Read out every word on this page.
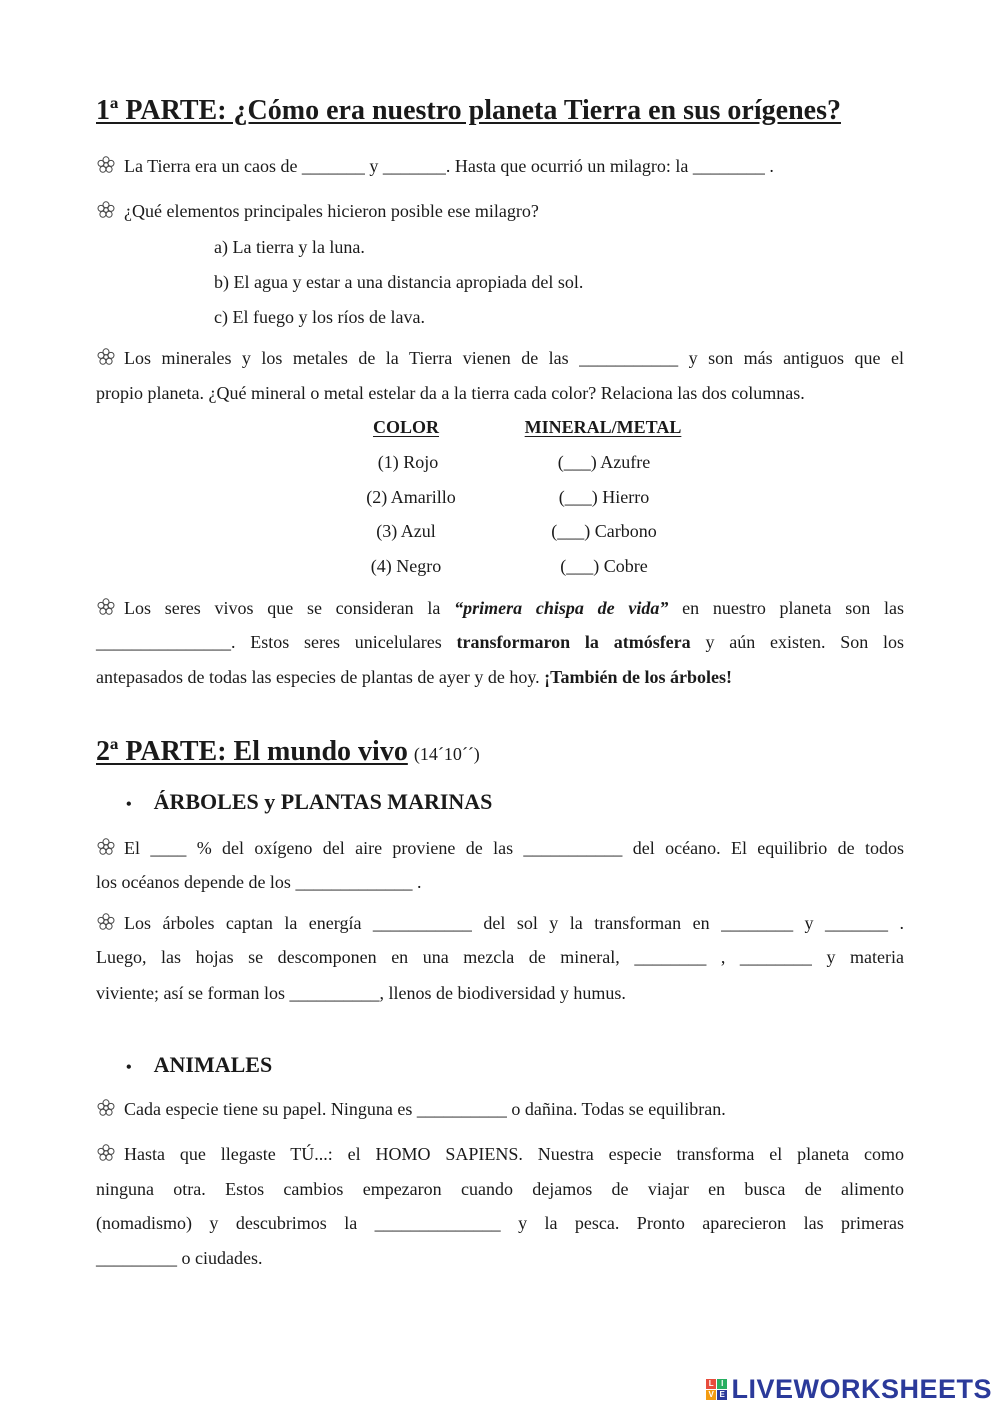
1ª PARTE: ¿Cómo era nuestro planeta Tierra en sus orígenes?
La Tierra era un caos de _______ y _______. Hasta que ocurrió un milagro: la ________ .
¿Qué elementos principales hicieron posible ese milagro?
a) La tierra y la luna.
b) El agua y estar a una distancia apropiada del sol.
c) El fuego y los ríos de lava.
Los minerales y los metales de la Tierra vienen de las ___________ y son más antiguos que el
propio planeta. ¿Qué mineral o metal estelar da a la tierra cada color? Relaciona las dos columnas.
COLOR	MINERAL/METAL
(1) Rojo
(2) Amarillo
(3) Azul
(4) Negro
(___) Azufre
(___) Hierro
(___) Carbono
(___) Cobre
Los seres vivos que se consideran la “primera chispa de vida” en nuestro planeta son las
_______________. Estos seres unicelulares transformaron la atmósfera y aún existen. Son los
antepasados de todas las especies de plantas de ayer y de hoy. ¡También de los árboles!
2ª PARTE: El mundo vivo (14´10´´)
• ÁRBOLES y PLANTAS MARINAS
El ____ % del oxígeno del aire proviene de las ___________ del océano. El equilibrio de todos
los océanos depende de los _____________ .
Los árboles captan la energía ___________ del sol y la transforman en ________ y _______ .
Luego, las hojas se descomponen en una mezcla de mineral, ________ , ________ y materia
viviente; así se forman los __________, llenos de biodiversidad y humus.
• ANIMALES
Cada especie tiene su papel. Ninguna es __________ o dañina. Todas se equilibran.
Hasta que llegaste TÚ...: el HOMO SAPIENS. Nuestra especie transforma el planeta como
ninguna otra. Estos cambios empezaron cuando dejamos de viajar en busca de alimento
(nomadismo) y descubrimos la ______________ y la pesca. Pronto aparecieron las primeras
_________ o ciudades.
L I
V E LIVEWORKSHEETS
